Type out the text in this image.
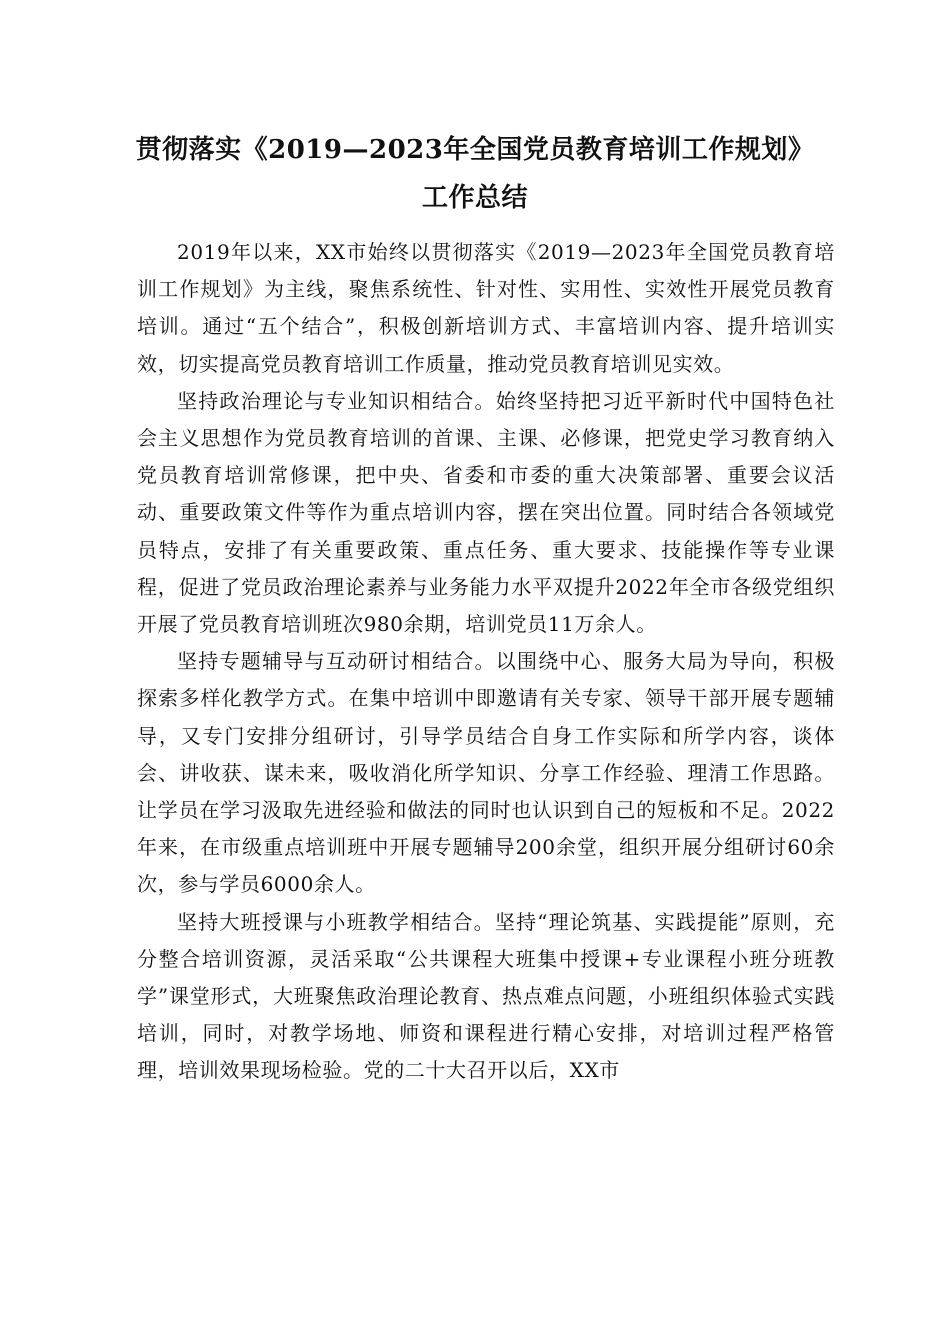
贯彻落实《2019—2023年全国党员教育培训工作规划》
工作总结

2019年以来，XX市始终以贯彻落实《2019—2023年全国党员教育培训工作规划》为主线，聚焦系统性、针对性、实用性、实效性开展党员教育培训。通过“五个结合”，积极创新培训方式、丰富培训内容、提升培训实效，切实提高党员教育培训工作质量，推动党员教育培训见实效。

坚持政治理论与专业知识相结合。始终坚持把习近平新时代中国特色社会主义思想作为党员教育培训的首课、主课、必修课，把党史学习教育纳入党员教育培训常修课，把中央、省委和市委的重大决策部署、重要会议活动、重要政策文件等作为重点培训内容，摆在突出位置。同时结合各领域党员特点，安排了有关重要政策、重点任务、重大要求、技能操作等专业课程，促进了党员政治理论素养与业务能力水平双提升2022年全市各级党组织开展了党员教育培训班次980余期，培训党员11万余人。

坚持专题辅导与互动研讨相结合。以围绕中心、服务大局为导向，积极探索多样化教学方式。在集中培训中即邀请有关专家、领导干部开展专题辅导，又专门安排分组研讨，引导学员结合自身工作实际和所学内容，谈体会、讲收获、谋未来，吸收消化所学知识、分享工作经验、理清工作思路。让学员在学习汲取先进经验和做法的同时也认识到自己的短板和不足。2022年来，在市级重点培训班中开展专题辅导200余堂，组织开展分组研讨60余次，参与学员6000余人。

坚持大班授课与小班教学相结合。坚持“理论筑基、实践提能”原则，充分整合培训资源，灵活采取“公共课程大班集中授课+专业课程小班分班教学”课堂形式，大班聚焦政治理论教育、热点难点问题，小班组织体验式实践培训，同时，对教学场地、师资和课程进行精心安排，对培训过程严格管理，培训效果现场检验。党的二十大召开以后，XX市
